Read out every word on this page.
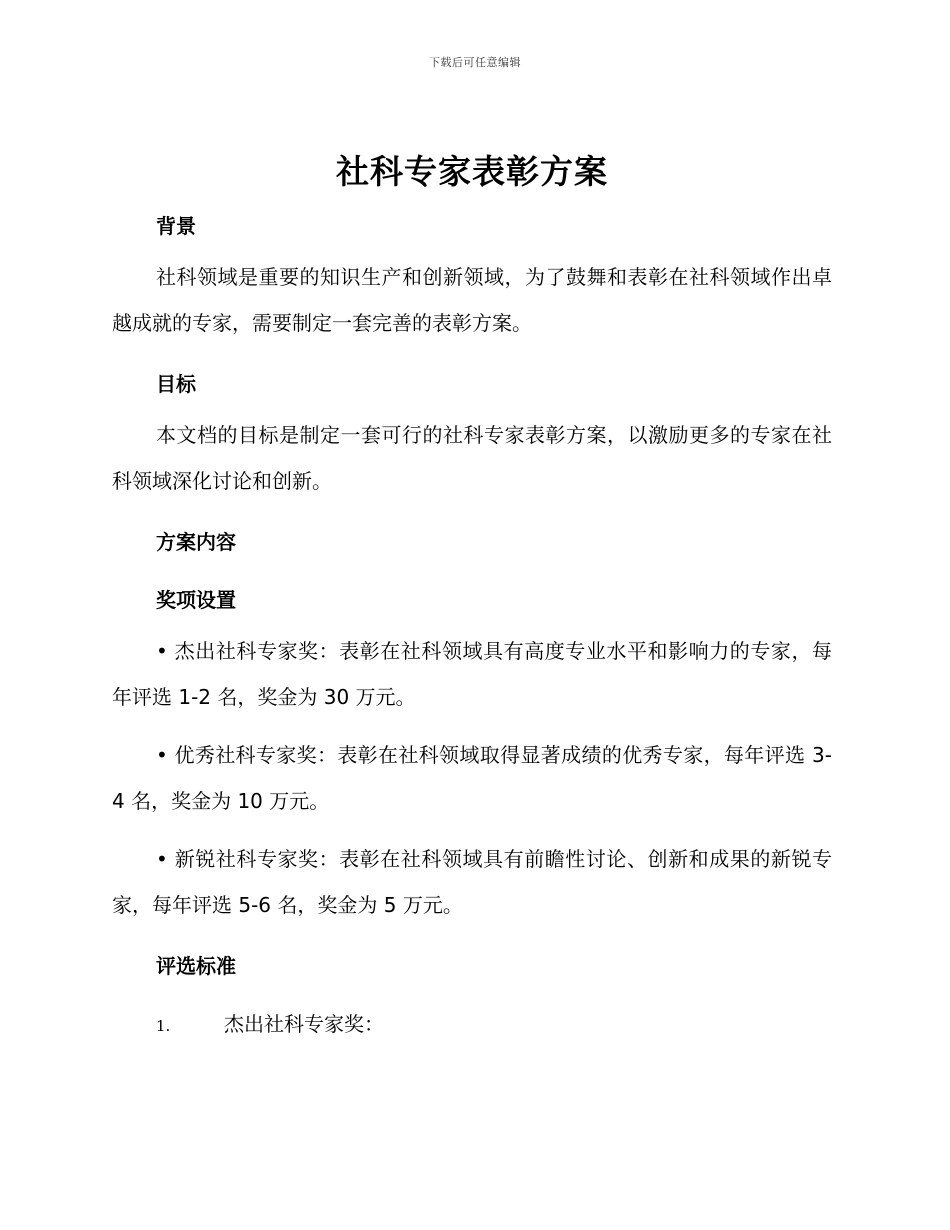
下载后可任意编辑
社科专家表彰方案
背景

社科领域是重要的知识生产和创新领域，为了鼓舞和表彰在社科领域作出卓越成就的专家，需要制定一套完善的表彰方案。

目标

本文档的目标是制定一套可行的社科专家表彰方案，以激励更多的专家在社科领域深化讨论和创新。

方案内容
奖项设置

• 杰出社科专家奖：表彰在社科领域具有高度专业水平和影响力的专家，每年评选 1-2 名，奖金为 30 万元。

• 优秀社科专家奖：表彰在社科领域取得显著成绩的优秀专家，每年评选 3-4 名，奖金为 10 万元。

• 新锐社科专家奖：表彰在社科领域具有前瞻性讨论、创新和成果的新锐专家，每年评选 5-6 名，奖金为 5 万元。

评选标准
1.	杰出社科专家奖：
